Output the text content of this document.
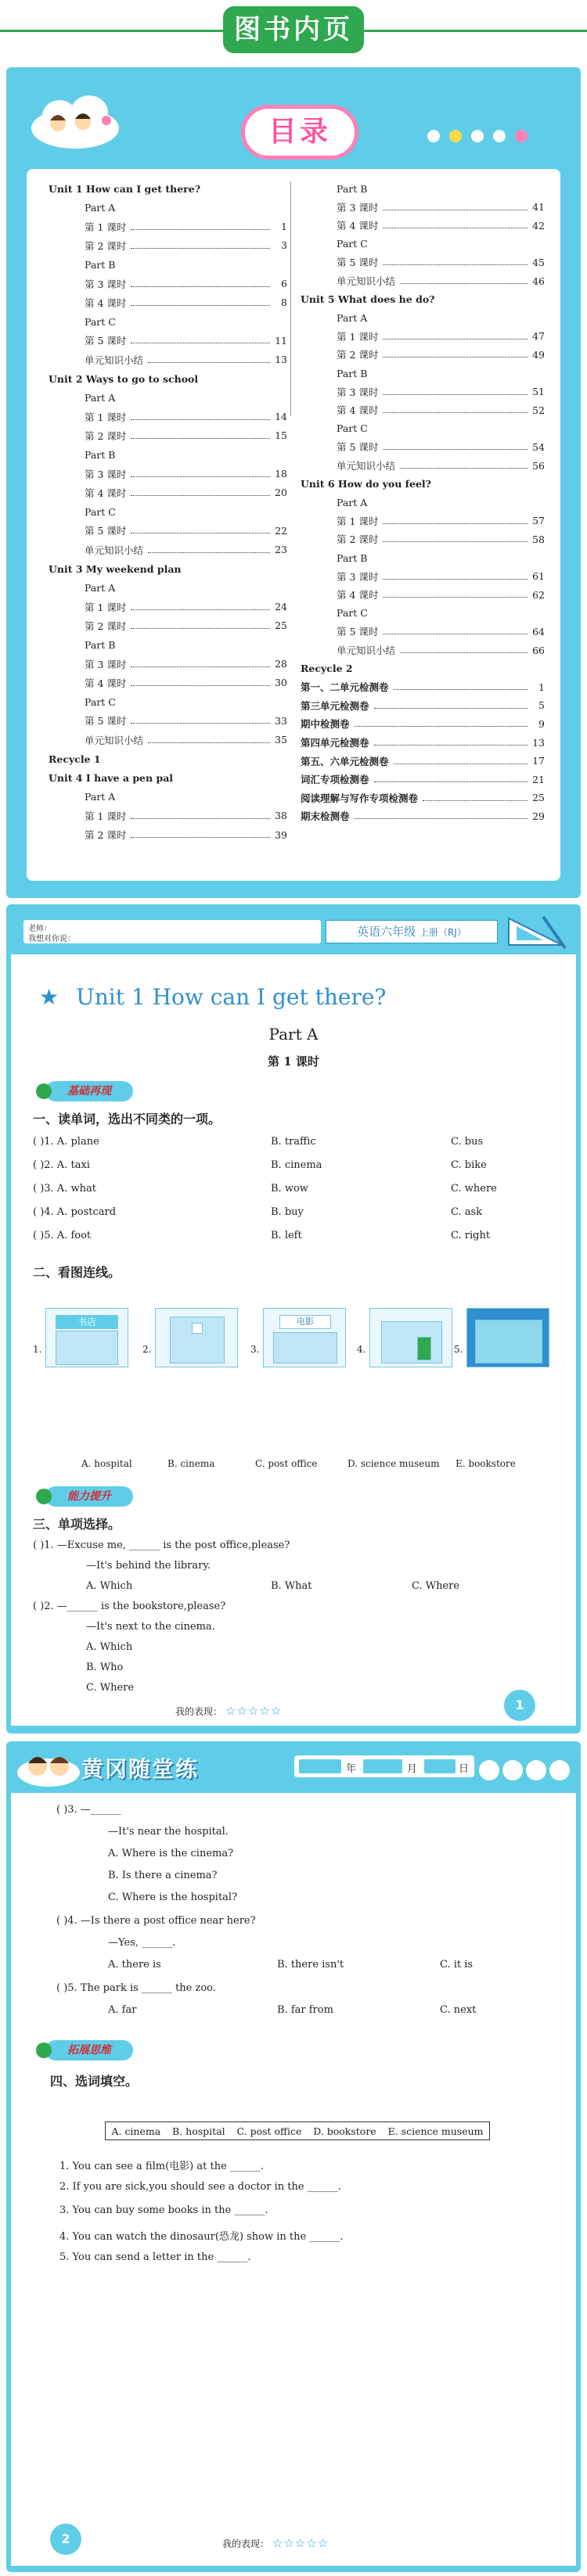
图书内页
目录
Unit 1 How can I get there?
Part A
第 1 课时	1
第 2 课时	3
Part B
第 3 课时	6
第 4 课时	8
Part C
第 5 课时	11
单元知识小结	13
Unit 2 Ways to go to school
Part A
第 1 课时	14
第 2 课时	15
Part B
第 3 课时	18
第 4 课时	20
Part C
第 5 课时	22
单元知识小结	23
Unit 3 My weekend plan
Part A
第 1 课时	24
第 2 课时	25
Part B
第 3 课时	28
第 4 课时	30
Part C
第 5 课时	33
单元知识小结	35
Recycle 1
Unit 4 I have a pen pal
Part A
第 1 课时	38
第 2 课时	39
Part B
第 3 课时	41
第 4 课时	42
Part C
第 5 课时	45
单元知识小结	46
Unit 5 What does he do?
Part A
第 1 课时	47
第 2 课时	49
Part B
第 3 课时	51
第 4 课时	52
Part C
第 5 课时	54
单元知识小结	56
Unit 6 How do you feel?
Part A
第 1 课时	57
第 2 课时	58
Part B
第 3 课时	61
第 4 课时	62
Part C
第 5 课时	64
单元知识小结	66
Recycle 2
第一、二单元检测卷	1
第三单元检测卷	5
期中检测卷	9
第四单元检测卷	13
第五、六单元检测卷	17
词汇专项检测卷	21
阅读理解与写作专项检测卷	25
期末检测卷	29
老师：
我想对你说：
英语六年级 上册（RJ）
★ Unit 1 How can I get there?
Part A
第 1 课时
基础再现
一、读单词，选出不同类的一项。
( )1. A. plane	B. traffic	C. bus
( )2. A. taxi	B. cinema	C. bike
( )3. A. what	B. wow	C. where
( )4. A. postcard	B. buy	C. ask
( )5. A. foot	B. left	C. right
二、看图连线。
1.
书店
2.	3.
电影
4.	5.
A. hospital	B. cinema	C. post office	D. science museum E. bookstore
能力提升
三、单项选择。
( )1. —Excuse me, ______ is the post office,please?
—It's behind the library.
A. Which	B. What	C. Where
( )2. —______ is the bookstore,please?
—It's next to the cinema.
A. Which
B. Who
C. Where
我的表现： ☆☆☆☆☆	1
黄冈随堂练	年	月	日
( )3. —______
—It's near the hospital.
A. Where is the cinema?
B. Is there a cinema?
C. Where is the hospital?
( )4. —Is there a post office near here?
—Yes, ______.
A. there is	B. there isn't	C. it is
( )5. The park is ______ the zoo.
A. far	B. far from	C. next
拓展思维
四、选词填空。
A. cinema B. hospital C. post office D. bookstore E. science museum
1. You can see a film(电影) at the ______.
2. If you are sick,you should see a doctor in the ______.
3. You can buy some books in the ______.
4. You can watch the dinosaur(恐龙) show in the ______.
5. You can send a letter in the ______.
2	我的表现： ☆☆☆☆☆
